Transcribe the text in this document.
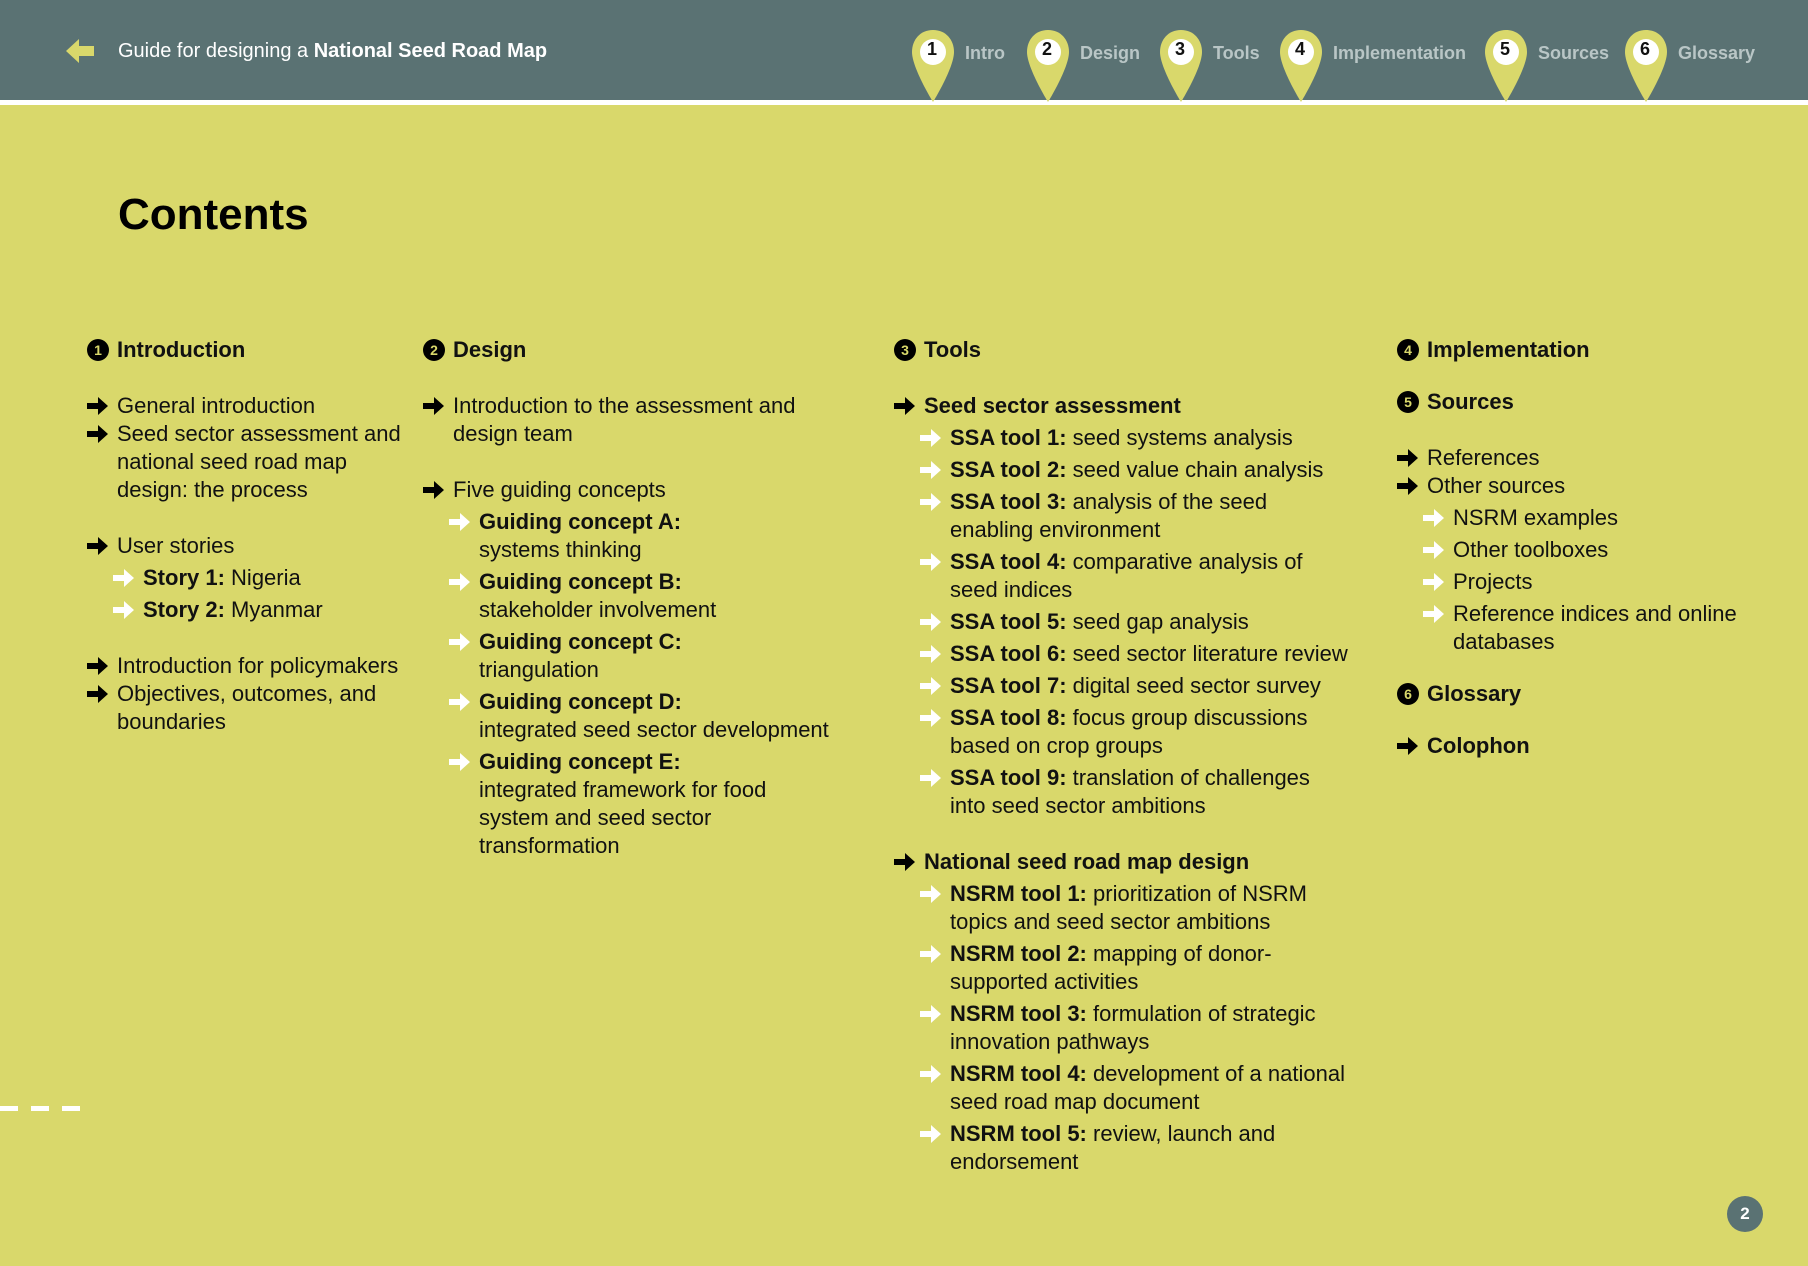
Guide for designing a National Seed Road Map	1	Intro	2	Design	3	Tools	4	Implementation	5	Sources	6	Glossary
Contents
1 Introduction
General introduction
Seed sector assessment and national seed road map design: the process
User stories
Story 1: Nigeria
Story 2: Myanmar
Introduction for policymakers
Objectives, outcomes, and boundaries
2 Design
Introduction to the assessment and design team
Five guiding concepts
Guiding concept A:
systems thinking
Guiding concept B:
stakeholder involvement
Guiding concept C:
triangulation
Guiding concept D:
integrated seed sector development
Guiding concept E:
integrated framework for food system and seed sector transformation
3 Tools
Seed sector assessment
SSA tool 1: seed systems analysis
SSA tool 2: seed value chain analysis
SSA tool 3: analysis of the seed enabling environment
SSA tool 4: comparative analysis of seed indices
SSA tool 5: seed gap analysis
SSA tool 6: seed sector literature review
SSA tool 7: digital seed sector survey
SSA tool 8: focus group discussions based on crop groups
SSA tool 9: translation of challenges into seed sector ambitions
National seed road map design
NSRM tool 1: prioritization of NSRM topics and seed sector ambitions
NSRM tool 2: mapping of donor-supported activities
NSRM tool 3: formulation of strategic innovation pathways
NSRM tool 4: development of a national seed road map document
NSRM tool 5: review, launch and endorsement
4 Implementation
5 Sources
References
Other sources
NSRM examples
Other toolboxes
Projects
Reference indices and online databases
6 Glossary
Colophon
2
